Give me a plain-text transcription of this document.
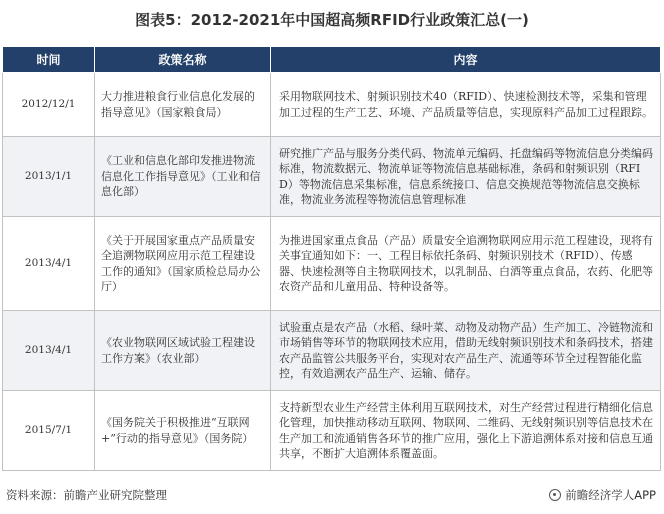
图表5：2012-2021年中国超高频RFID行业政策汇总(一)
时间	政策名称	内容
2012/12/1	大力推进粮食行业信息化发展的指导意见》（国家粮食局）	采用物联网技术、射频识别技术40（RFID）、快速检测技术等，采集和管理加工过程的生产工艺、环境、产品质量等信息，实现原料产品加工过程跟踪。
2013/1/1	《工业和信息化部印发推进物流信息化工作指导意见》（工业和信息化部）	研究推广产品与服务分类代码、物流单元编码、托盘编码等物流信息分类编码标准，物流数据元、物流单证等物流信息基础标准，条码和射频识别（RFID）等物流信息采集标准，信息系统接口、信息交换规范等物流信息交换标准，物流业务流程等物流信息管理标准
2013/4/1	《关于开展国家重点产品质量安全追溯物联网应用示范工程建设工作的通知》（国家质检总局办公厅）	为推进国家重点食品（产品）质量安全追溯物联网应用示范工程建设，现将有关事宜通知如下：一、工程目标依托条码、射频识别技术（RFID）、传感器、快速检测等自主物联网技术，以乳制品、白酒等重点食品，农药、化肥等农资产品和儿童用品、特种设备等。
2013/4/1	《农业物联网区域试验工程建设工作方案》（农业部）	试验重点是农产品（水稻、绿叶菜、动物及动物产品）生产加工、冷链物流和市场销售等环节的物联网技术应用，借助无线射频识别技术和条码技术，搭建农产品监管公共服务平台，实现对农产品生产、流通等环节全过程智能化监控，有效追溯农产品生产、运输、储存。
2015/7/1	《国务院关于积极推进“互联网+”行动的指导意见》（国务院）	支持新型农业生产经营主体利用互联网技术，对生产经营过程进行精细化信息化管理，加快推动移动互联网、物联网、二维码、无线射频识别等信息技术在生产加工和流通销售各环节的推广应用，强化上下游追溯体系对接和信息互通共享，不断扩大追溯体系覆盖面。
资料来源：前瞻产业研究院整理	前瞻经济学人APP
